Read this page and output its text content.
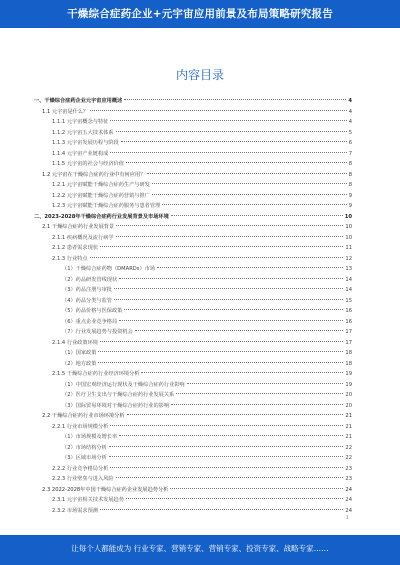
干燥综合症药企业+元宇宙应用前景及布局策略研究报告
内容目录
一、干燥综合症药企业元宇宙应用概述	4
1.1 元宇宙是什么？	4
1.1.1 元宇宙概念与特征	4
1.1.2 元宇宙五大技术体系	5
1.1.3 元宇宙发展历程与阶段	6
1.1.4 元宇宙产业链构成	7
1.1.5 元宇宙的社会与经济价值	8
1.2 元宇宙在干燥综合症药行业中有何应用？	8
1.2.1 元宇宙赋能干燥综合症药生产与研发	8
1.2.2 元宇宙赋能干燥综合症药营销与推广	9
1.2.3 元宇宙赋能干燥综合症药服务与患者管理	9
二、2023-2028年干燥综合症药行业发展背景及市场环境	10
2.1 干燥综合症药行业发展背景	10
2.1.1 疾病概况及流行病学	10
2.1.2 患者需求现状	11
2.1.3 行业特点	12
（1）干燥综合症药物（DMARDs）市场	13
（2）药品研发管线现状	14
（3）药品注册与审批	14
（4）药品分类与监管	15
（5）药品价格与医保政策	16
（6）重点企业竞争格局	16
（7）行业发展趋势与投资机会	17
2.1.4 行业政策环境	17
（1）国家政策	18
（2）地方政策	18
2.1.5 干燥综合症药行业经济环境分析	19
（1）中国宏观经济运行现状及干燥综合症药行业影响	19
（2）医疗卫生支出与干燥综合症药行业发展关系	20
（3）国际贸易环境对干燥综合症药行业的影响	20
2.2 干燥综合症药行业市场环境分析	21
2.2.1 行业市场规模分析	21
（1）市场规模及增长率	21
（2）市场结构分析	22
（3）区域市场分析	22
2.2.2 行业竞争格局分析	23
2.2.3 行业壁垒与进入风险	23
2.3 2022-2028年中国干燥综合症药企业发展趋势分析	24
2.3.1 元宇宙相关技术发展趋势	24
2.3.2 市场需求预测	24
1
让每个人都能成为 行业专家、营销专家、营销专家、投资专家、战略专家……
